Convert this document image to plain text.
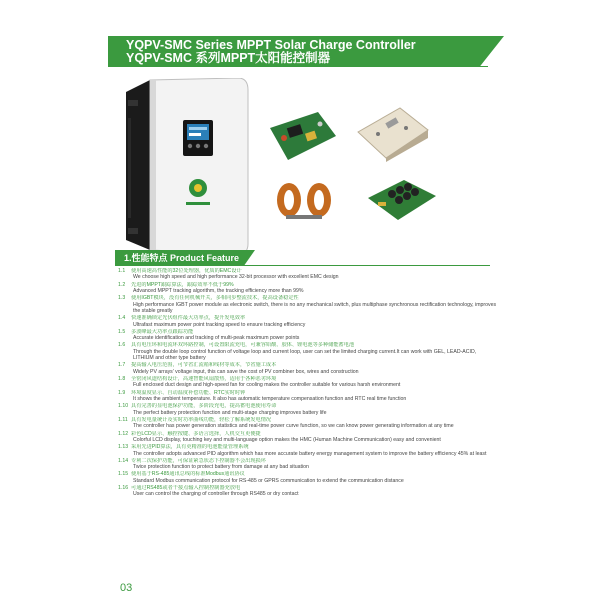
YQPV-SMC Series MPPT Solar Charge Controller
YQPV-SMC 系列MPPT太阳能控制器
1.性能特点 Product Feature
1.1 使用高速高性能的32位处理器，优质的EMC设计
We choose high speed and high performance 32-bit processor with excellent EMC design
1.2 先进的MPPT跟踪算法，跟踪效率不低于99%
Advanced MPPT tracking algorithm, the tracking efficiency more than 99%
1.3 使用IGBT模块，没有任何机械开关，多相同步整流技术，提高设备稳定性
High performance IGBT power module as electronic switch, there is no any mechanical switch, plus multiphase synchronous rectification technology, improves the stable greatly
1.4 快速准确锁定光伏组件最大功率点，提升发电效率
Ultrafast maximum power point tracking speed to ensure tracking efficiency
1.5 多波峰最大功率点跟踪功能
Accurate identification and tracking of multi-peak maximum power points
1.6 具有电压环和电流环双环路控制，可设置限流充电，可兼容铅酸、胶体、锂电池等多种储能蓄电池
Through the double loop control function of voltage loop and current loop, user can set the limited charging current.It can work with GEL, LEAD-ACID, LITHIUM and other type battery
1.7 提高输入电压范围，可节省汇流箱和线材等成本，节省施工成本
Widely PV arrays’ voltage input, this can save the cost of PV combiner box, wires and construction
1.8 全密闭风道结构设计，高速智能风扇散热，适用于各种恶劣环境
Full enclosed duct design and high-speed fan for cooling makes the controller suitable for various harsh environment
1.9 环境温度显示、自动温度补偿功能、RTC实时时钟
It shows the ambient temperature. It also has automatic temperature compensation function and RTC real time function
1.10 具有完善的显电池保护功能，多阶段充电，提高蓄电池使用寿命
The perfect battery protection function and multi-stage charging improves battery life
1.11 具有发电量统计及实时功率曲线功能，轻松了解系统发电情况
The controller has power generation statistics and real-time power curve function, so we can know power generating information at any time
1.12 彩色LCD显示、触控按键、多语言选择，人机交互更便捷
Colorful LCD display, touching key and multi-language option makes the HMC (Human Machine Communication) easy and convenient
1.13 采用先进PID算法，具有更精准的电池能量管理系统
The controller adopts advanced PID algorithm which has more accurate battery energy management system to improve the battery efficiency 45% at least
1.14 专利二次保护功能，可保证紧急状态下控制器不会出现损坏
Twice protection function to protect battery from damage at any bad situation
1.15 使用基于RS-485通讯总线的标准Modbus通讯协议
Standard Modbus communication protocol for RS-485 or GPRS communication to extend the communication distance
1.16 可通过RS485或者干接点输入控制控制器充放电
User can control the charging of controller through RS485 or dry contact
03
